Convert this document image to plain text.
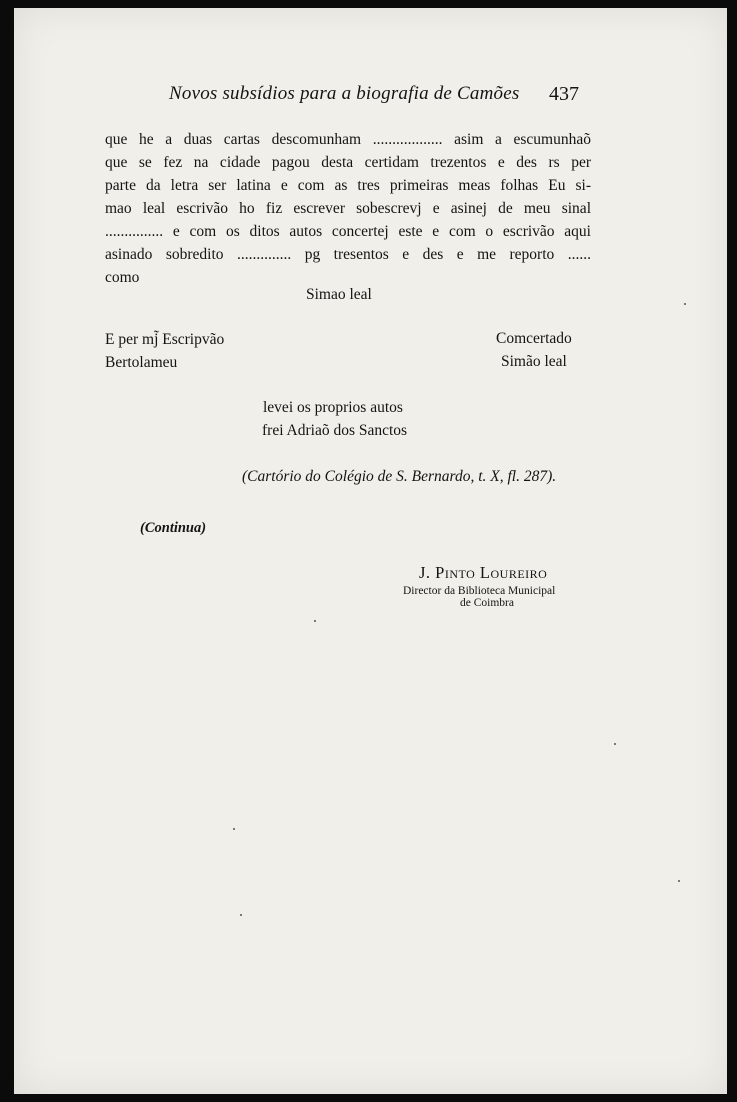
Novos subsídios para a biografia de Camões 437
que he a duas cartas descomunham .................. asim a escumunhaõ
que se fez na cidade pagou desta certidam trezentos e des rs per
parte da letra ser latina e com as tres primeiras meas folhas Eu si-
mao leal escrivão ho fiz escrever sobescrevj e asinej de meu sinal
............... e com os ditos autos concertej este e com o escrivão aqui
asinado sobredito .............. pg tresentos e des e me reporto ......
como
Simao leal
E per mj̃ Escripvão
Bertolameu
Comcertado
Simão leal
levei os proprios autos
frei Adriaõ dos Sanctos
(Cartório do Colégio de S. Bernardo, t. X, fl. 287).
(Continua)
J. Pinto Loureiro
Director da Biblioteca Municipal
de Coimbra
